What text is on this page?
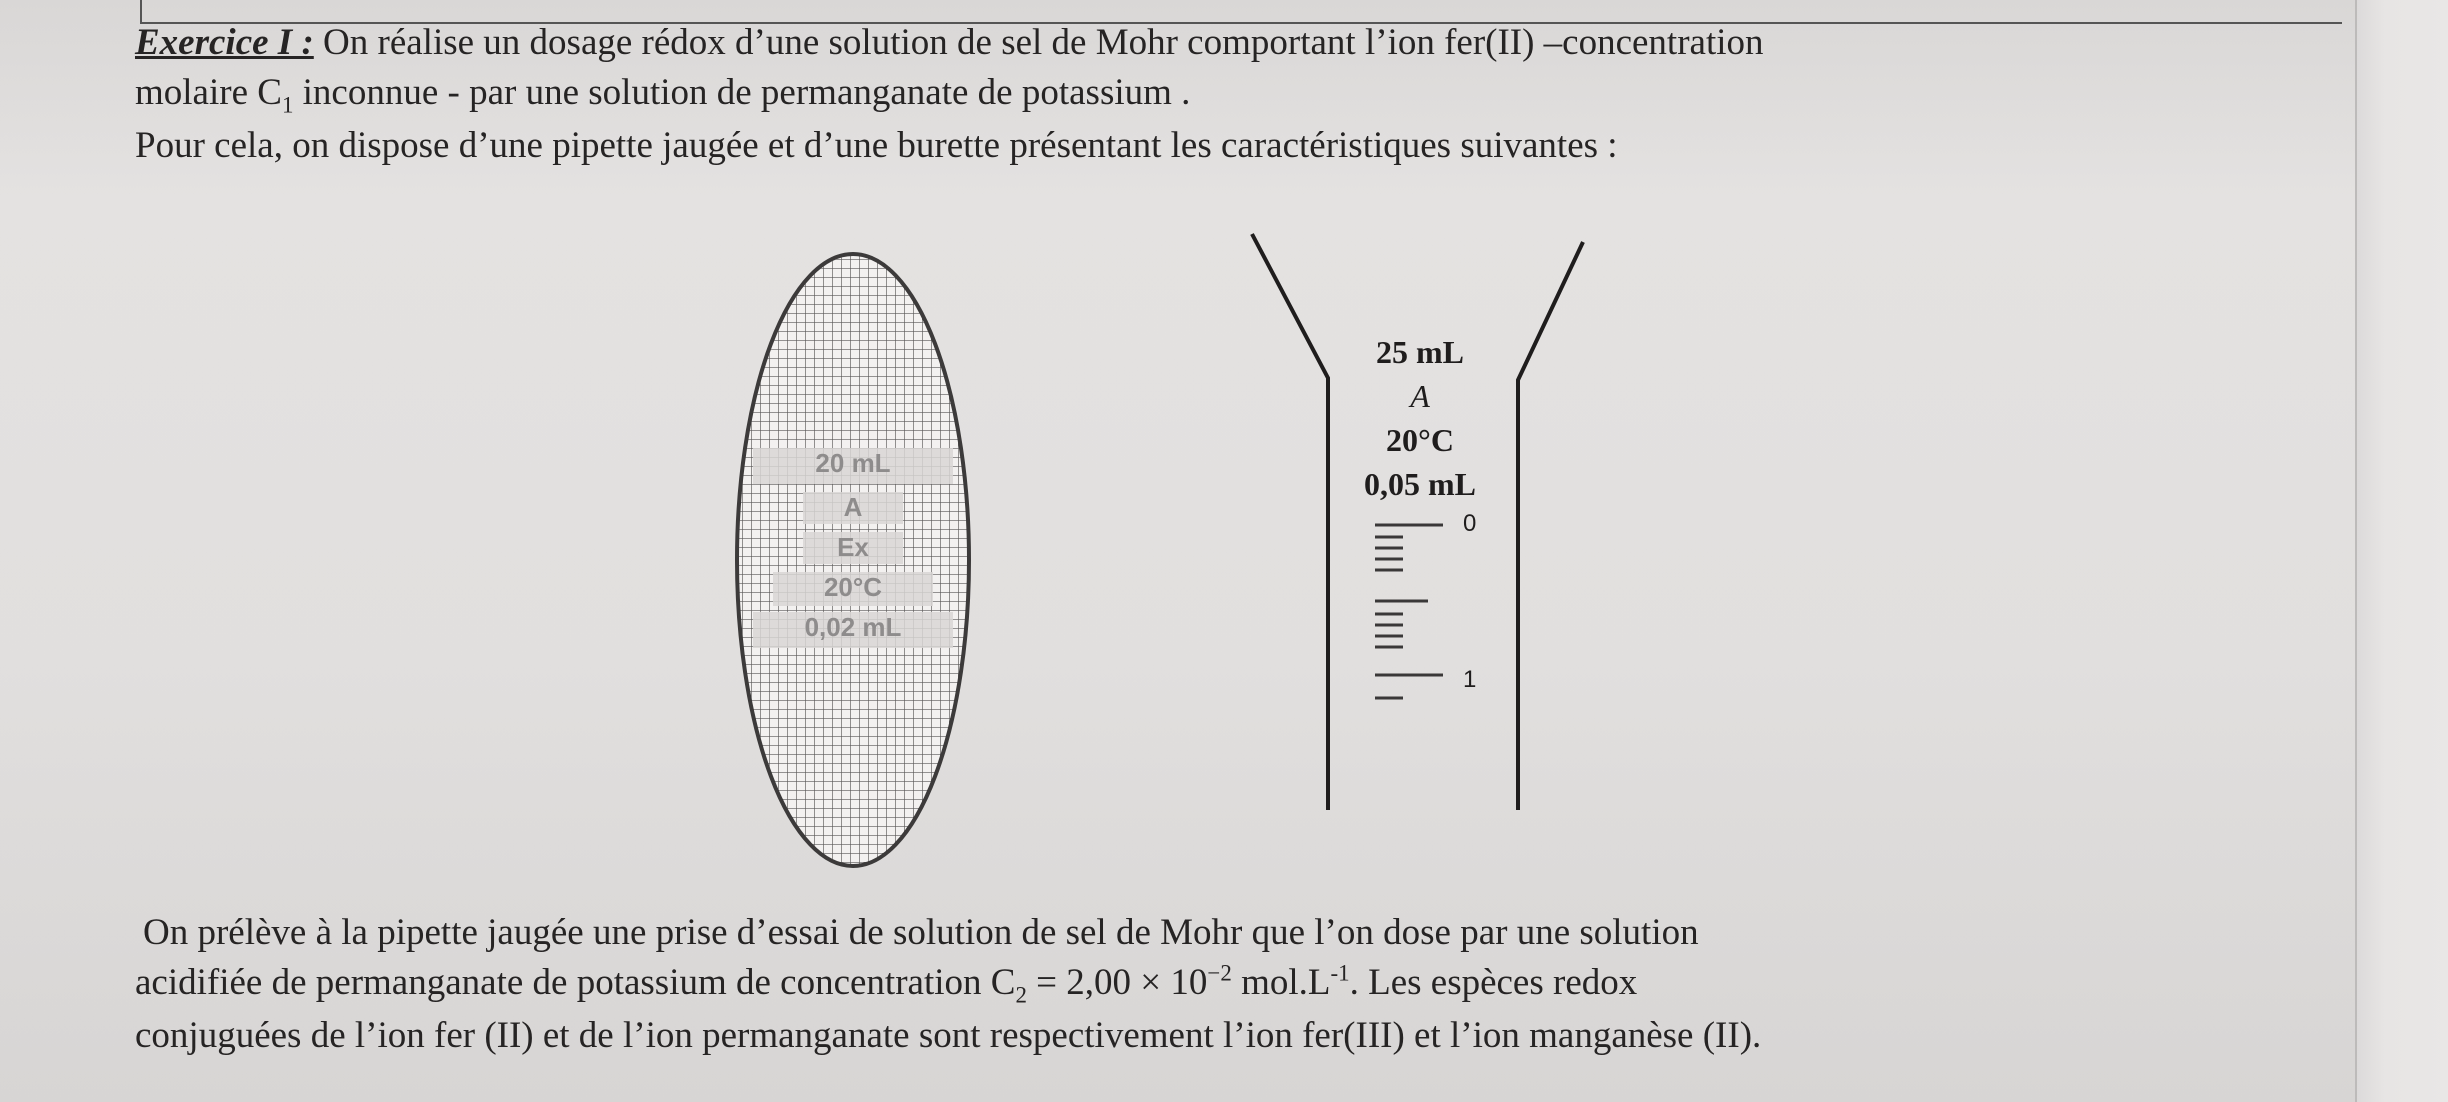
Exercice I : On réalise un dosage rédox d’une solution de sel de Mohr comportant l’ion fer(II) –concentration
molaire $C_1$ inconnue - par une solution de permanganate de potassium .
Pour cela, on dispose d’une pipette jaugée et d’une burette présentant les caractéristiques suivantes :
20 mL
A
Ex
20°C
0,02 mL
25 mL
A
20°C
0,05 mL
0
1
On prélève à la pipette jaugée une prise d’essai de solution de sel de Mohr que l’on dose par une solution
acidifiée de permanganate de potassium de concentration $C_2 = 2,00 \times 10^{-2}$ $mol.L^{-1}$. Les espèces redox
conjuguées de l’ion fer (II) et de l’ion permanganate sont respectivement l’ion fer(III) et l’ion manganèse (II).
